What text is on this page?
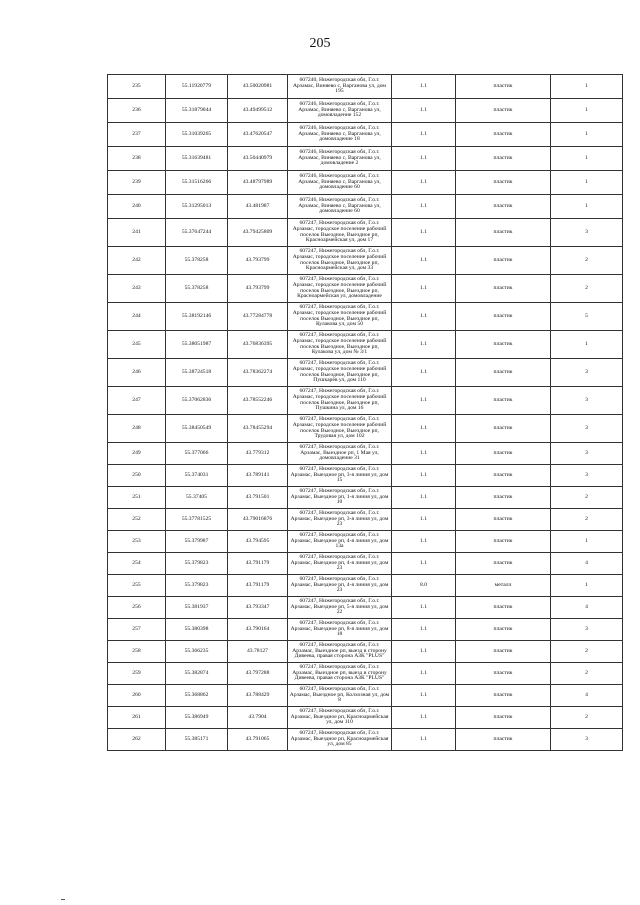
205
235	55.11920779	43.50020981	607240, Нижегородская обл, Г.о.г. Арзамас, Виняево с, Варганова ул, дом 195	1.1	пластик	1
236	55.31879044	43.49499512	607246, Нижегородская обл, Г.о.г. Арзамас, Виняево с, Варганова ул, домовладение 152	1.1	пластик	1
237	55.31039265	43.47620547	607246, Нижегородская обл, Г.о.г. Арзамас, Виняево с, Варганова ул, домовладение 18	1.1	пластик	1
238	55.31639481	43.50440979	607246, Нижегородская обл, Г.о.г. Арзамас, Виняево с, Варганова ул, домовладение 2	1.1	пластик	1
239	55.31516266	43.48797989	607246, Нижегородская обл, Г.о.г. Арзамас, Виняево с, Варганова ул, домовладение 60	1.1	пластик	1
240	55.3129501З	43.481987	607246, Нижегородская обл, Г.о.г. Арзамас, Виняево с, Варганова ул, домовладение 60	1.1	пластик	1
241	55.37647244	43.79425809	607247, Нижегородская обл, Г.о.г. Арзамас, городское поселение рабочий поселок Выездное, Выездное рп, Красноармейская ул, дом 17	1.1	пластик	3
242	55.378258	43.793799	607247, Нижегородская обл, Г.о.г. Арзамас, городское поселение рабочий поселок Выездное, Выездное рп, Красноармейская ул, дом 33	1.1	пластик	2
243	55.378258	43.793799	607247, Нижегородская обл, Г.о.г. Арзамас, городское поселение рабочий поселок Выездное, Выездное рп, Красноармейская ул, домовладение	1.1	пластик	2
244	55.38192146	43.77284778	607247, Нижегородская обл, Г.о.г. Арзамас, городское поселение рабочий поселок Выездное, Выездное рп, Кулакова ул, дом 50	1.1	пластик	5
245	55.38051987	43.76836395	607247, Нижегородская обл, Г.о.г. Арзамас, городское поселение рабочий поселок Выездное, Выездное рп, Кулакова ул, дом № 3/1	1.1	пластик	1
246	55.38724518	43.78362274	607247, Нижегородская обл, Г.о.г. Арзамас, городское поселение рабочий поселок Выездное, Выездное рп, Пушкарёв ул, дом 110	1.1	пластик	3
247	55.37062836	43.78552246	607247, Нижегородская обл, Г.о.г. Арзамас, городское поселение рабочий поселок Выездное, Выездное рп, Пушкина ул, дом 16	1.1	пластик	3
248	55.38450549	43.78455294	607247, Нижегородская обл, Г.о.г. Арзамас, городское поселение рабочий поселок Выездное, Выездное рп, Трудовая ул, дом 102	1.1	пластик	3
249	55.377066	43.779312	607247, Нижегородская обл, Г.о.г. Арзамас, Выездное рп, 1 Мая ул, домовладение 31	1.1	пластик	3
250	55.374031	43.789141	607247, Нижегородская обл, Г.о.г. Арзамас, Выездное рп, 3-я линия ул, дом 15	1.1	пластик	3
251	55.37405	43.791501	607247, Нижегородская обл, Г.о.г. Арзамас, Выездное рп, 1-я линия ул, дом 10	1.1	пластик	2
252	55.37781525	43.79016876	607247, Нижегородская обл, Г.о.г. Арзамас, Выездное рп, 3-я линия ул, дом 23	1.1	пластик	2
253	55.379987	43.794595	607247, Нижегородская обл, Г.о.г. Арзамас, Выездное рп, 4-я линия ул, дом 13а	1.1	пластик	1
254	55.379823	43.791179	607247, Нижегородская обл, Г.о.г. Арзамас, Выездное рп, 4-я линия ул, дом 23	1.1	пластик	4
255	55.379823	43.791179	607247, Нижегородская обл, Г.о.г. Арзамас, Выездное рп, 4-я линия ул, дом 23	8.0	металл	1
256	55.381937	43.793347	607247, Нижегородская обл, Г.о.г. Арзамас, Выездное рп, 5-я линия ул, дом 22	1.1	пластик	4
257	55.380398	43.790164	607247, Нижегородская обл, Г.о.г. Арзамас, Выездное рп, 8-я линия ул, дом 18	1.1	пластик	3
258	55.366235	43.78127	607247, Нижегородская обл, Г.о.г. Арзамас, Выездное рп, выезд в сторону Дивеева, правая сторона АЗК "PLUS"	1.1	пластик	2
259	55.382874	43.797288	607247, Нижегородская обл, Г.о.г. Арзамас, Выездное рп, выезд в сторону Дивеева, правая сторона АЗК "PLUS"	1.1	пластик	2
260	55.368862	43.788429	607247, Нижегородская обл, Г.о.г. Арзамас, Выездное рп, Колхозная ул, дом 8	1.1	пластик	4
261	55.386949	43.7904	607247, Нижегородская обл, Г.о.г. Арзамас, Выездное рп, Красноармейская ул, дом 110	1.1	пластик	2
262	55.385171	43.791065	607247, Нижегородская обл, Г.о.г. Арзамас, Выездное рп, Красноармейская ул, дом 85	1.1	пластик	3
